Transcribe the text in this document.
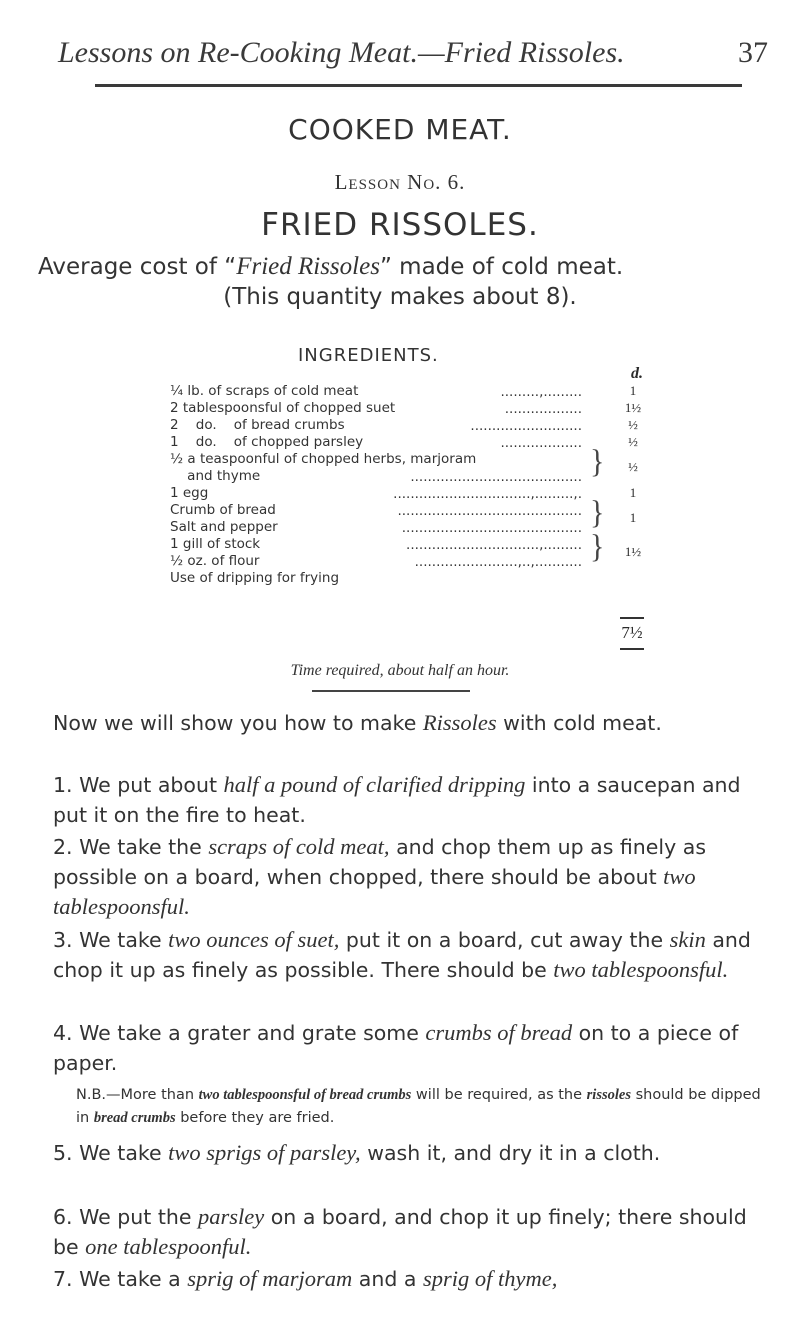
Lessons on Re-Cooking Meat.—Fried Rissoles.	37
COOKED MEAT.
Lesson No. 6.
FRIED RISSOLES.
Average cost of “Fried Rissoles” made of cold meat.
(This quantity makes about 8).
INGREDIENTS.
d.
¼ lb. of scraps of cold meat	.........,.........	1
2 tablespoonsful of chopped suet	..................	1½
2    do.    of bread crumbs	..........................	½
1    do.    of chopped parsley	...................	½
½ a teaspoonful of chopped herbs, marjoram
and thyme	........................................ }	½
1 egg	................................,.........,.	1
Crumb of bread	...........................................
Salt and pepper	.......................................... }	1
1 gill of stock	...............................,.........
½ oz. of flour	........................,..,........... } 1½
Use of dripping for frying
7½
Time required, about half an hour.
Now we will show you how to make Rissoles with cold meat.
1. We put about half a pound of clarified dripping into a saucepan and put it on the fire to heat.
2. We take the scraps of cold meat, and chop them up as finely as possible on a board, when chopped, there should be about two tablespoonsful.
3. We take two ounces of suet, put it on a board, cut away the skin and chop it up as finely as possible. There should be two tablespoonsful.
4. We take a grater and grate some crumbs of bread on to a piece of paper.
N.B.—More than two tablespoonsful of bread crumbs will be required, as the rissoles should be dipped in bread crumbs before they are fried.
5. We take two sprigs of parsley, wash it, and dry it in a cloth.
6. We put the parsley on a board, and chop it up finely; there should be one tablespoonful.
7. We take a sprig of marjoram and a sprig of thyme,
